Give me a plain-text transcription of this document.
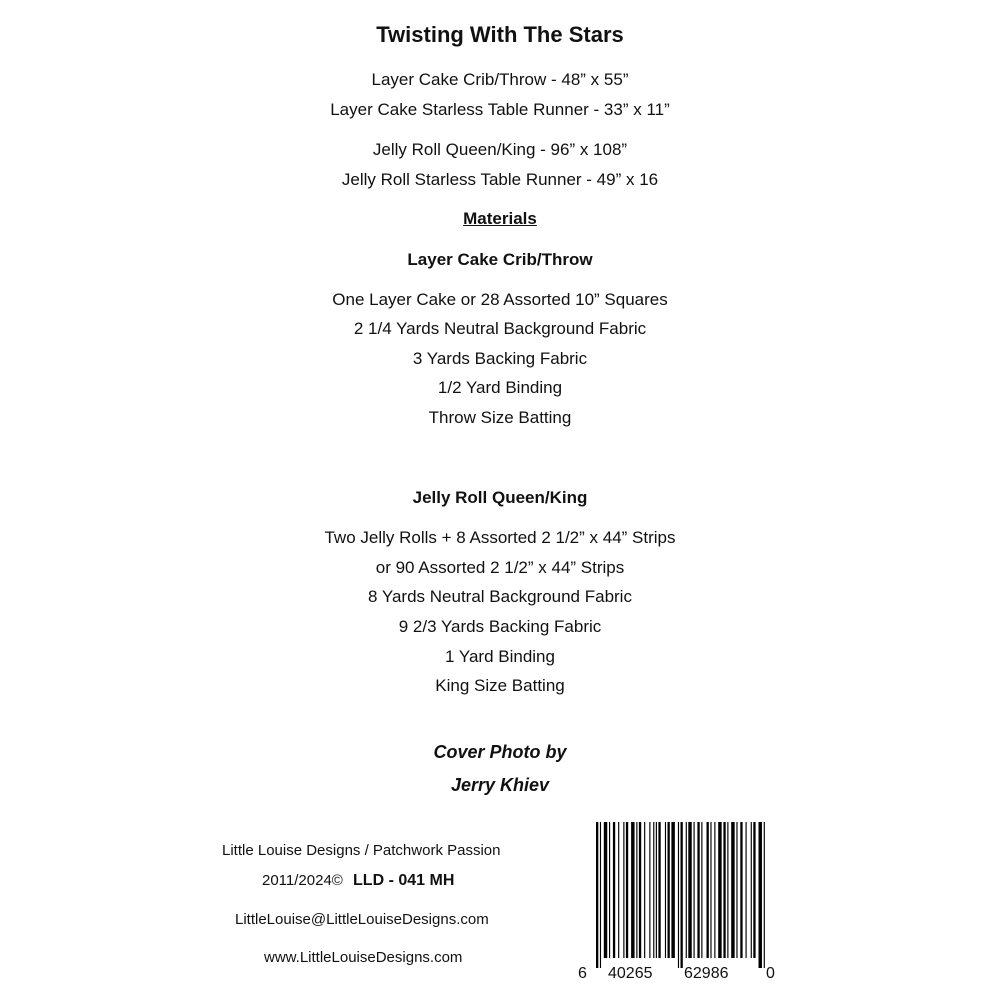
Twisting With The Stars
Layer Cake Crib/Throw - 48” x 55”
Layer Cake Starless Table Runner - 33” x 11”
Jelly Roll Queen/King - 96” x 108”
Jelly Roll Starless Table Runner - 49” x 16
Materials
Layer Cake Crib/Throw
One Layer Cake or 28 Assorted 10” Squares
2 1/4 Yards Neutral Background Fabric
3 Yards Backing Fabric
1/2 Yard Binding
Throw Size Batting
Jelly Roll Queen/King
Two Jelly Rolls + 8 Assorted 2 1/2” x 44” Strips
or 90 Assorted 2 1/2” x 44” Strips
8 Yards Neutral Background Fabric
9 2/3 Yards Backing Fabric
1 Yard Binding
King Size Batting
Cover Photo by
Jerry Khiev
Little Louise Designs / Patchwork Passion
2011/2024© LLD - 041 MH
LittleLouise@LittleLouiseDesigns.com
www.LittleLouiseDesigns.com
6 40265 62986 0
